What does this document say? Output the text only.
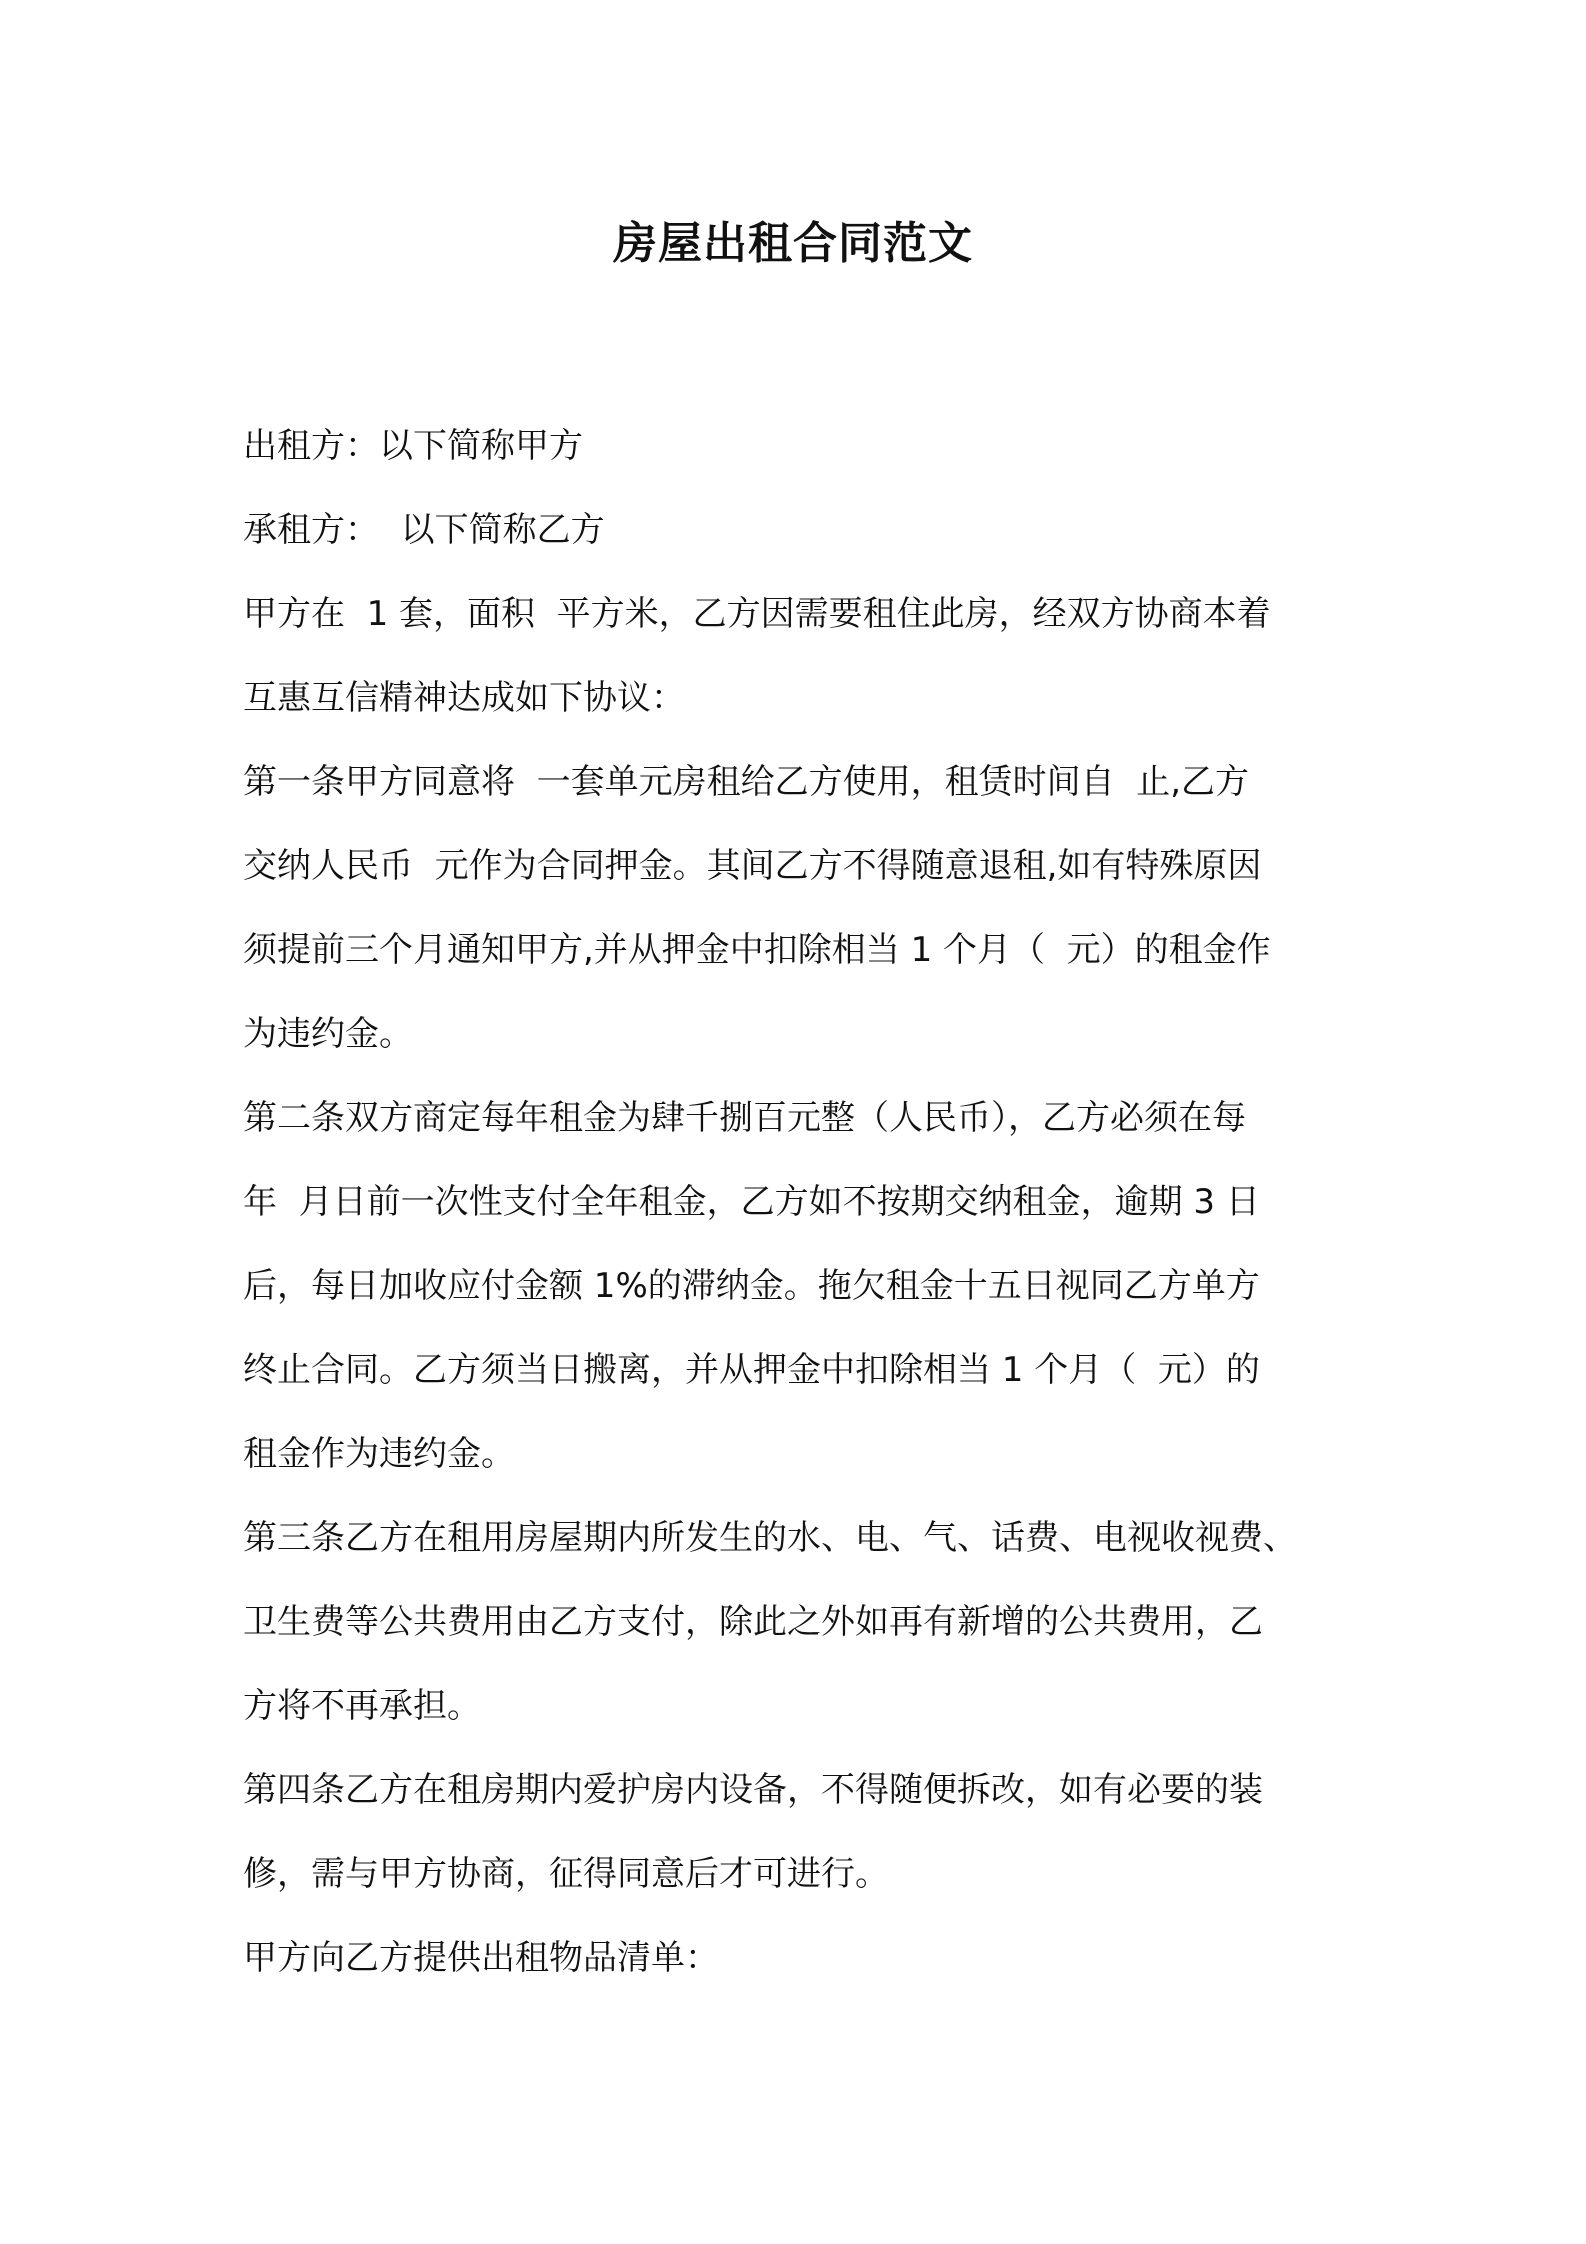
房屋出租合同范文
出租方：以下简称甲方
承租方：  以下简称乙方
甲方在  1 套，面积  平方米，乙方因需要租住此房，经双方协商本着
互惠互信精神达成如下协议：
第一条甲方同意将  一套单元房租给乙方使用，租赁时间自  止,乙方
交纳人民币  元作为合同押金。其间乙方不得随意退租,如有特殊原因
须提前三个月通知甲方,并从押金中扣除相当 1 个月（  元）的租金作
为违约金。
第二条双方商定每年租金为肆千捌百元整（人民币），乙方必须在每
年  月日前一次性支付全年租金，乙方如不按期交纳租金，逾期 3 日
后，每日加收应付金额 1%的滞纳金。拖欠租金十五日视同乙方单方
终止合同。乙方须当日搬离，并从押金中扣除相当 1 个月（  元）的
租金作为违约金。
第三条乙方在租用房屋期内所发生的水、电、气、话费、电视收视费、
卫生费等公共费用由乙方支付，除此之外如再有新增的公共费用，乙
方将不再承担。
第四条乙方在租房期内爱护房内设备，不得随便拆改，如有必要的装
修，需与甲方协商，征得同意后才可进行。
甲方向乙方提供出租物品清单：
